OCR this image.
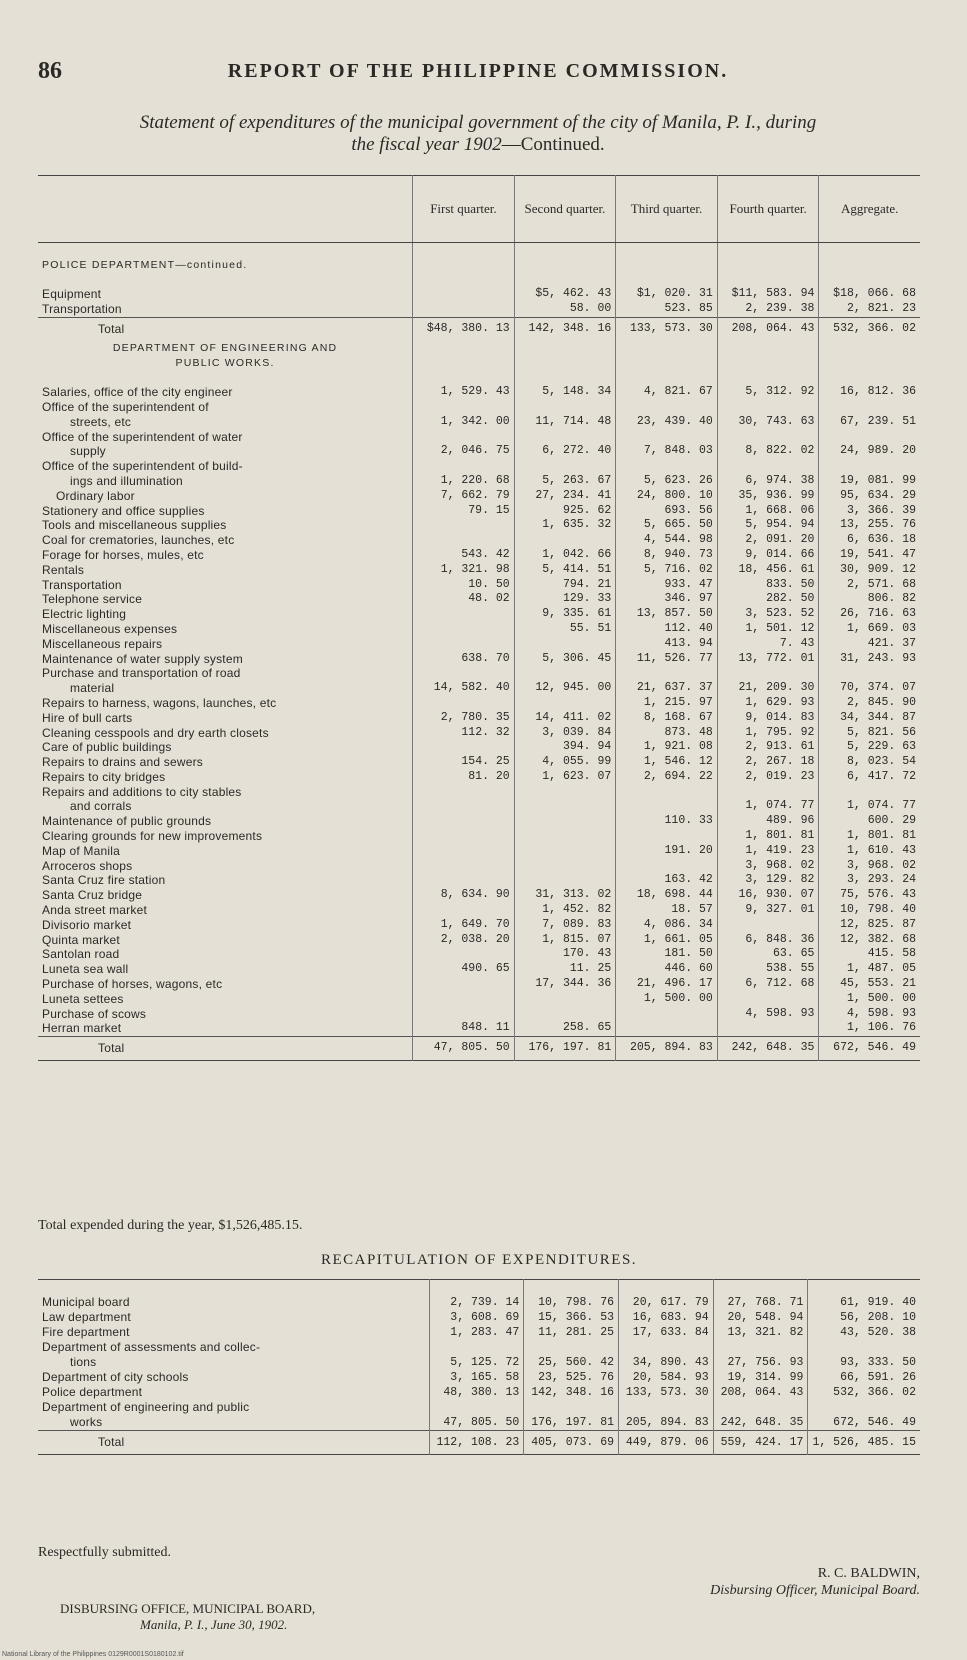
86	REPORT OF THE PHILIPPINE COMMISSION.
Statement of expenditures of the municipal government of the city of Manila, P. I., during
the fiscal year 1902—Continued.
	First quarter.	Second quarter.	Third quarter.	Fourth quarter.	Aggregate.

POLICE DEPARTMENT—continued.					

Equipment		$5, 462. 43	$1, 020. 31	$11, 583. 94	$18, 066. 68
Transportation		58. 00	523. 85	2, 239. 38	2, 821. 23
Total	$48, 380. 13	142, 348. 16	133, 573. 30	208, 064. 43	532, 366. 02
DEPARTMENT OF ENGINEERING AND					
PUBLIC WORKS.					

Salaries, office of the city engineer	1, 529. 43	5, 148. 34	4, 821. 67	5, 312. 92	16, 812. 36
Office of the superintendent of					
streets, etc	1, 342. 00	11, 714. 48	23, 439. 40	30, 743. 63	67, 239. 51
Office of the superintendent of water					
supply	2, 046. 75	6, 272. 40	7, 848. 03	8, 822. 02	24, 989. 20
Office of the superintendent of build-					
ings and illumination	1, 220. 68	5, 263. 67	5, 623. 26	6, 974. 38	19, 081. 99
Ordinary labor	7, 662. 79	27, 234. 41	24, 800. 10	35, 936. 99	95, 634. 29
Stationery and office supplies	79. 15	925. 62	693. 56	1, 668. 06	3, 366. 39
Tools and miscellaneous supplies		1, 635. 32	5, 665. 50	5, 954. 94	13, 255. 76
Coal for crematories, launches, etc			4, 544. 98	2, 091. 20	6, 636. 18
Forage for horses, mules, etc	543. 42	1, 042. 66	8, 940. 73	9, 014. 66	19, 541. 47
Rentals	1, 321. 98	5, 414. 51	5, 716. 02	18, 456. 61	30, 909. 12
Transportation	10. 50	794. 21	933. 47	833. 50	2, 571. 68
Telephone service	48. 02	129. 33	346. 97	282. 50	806. 82
Electric lighting		9, 335. 61	13, 857. 50	3, 523. 52	26, 716. 63
Miscellaneous expenses		55. 51	112. 40	1, 501. 12	1, 669. 03
Miscellaneous repairs			413. 94	7. 43	421. 37
Maintenance of water supply system	638. 70	5, 306. 45	11, 526. 77	13, 772. 01	31, 243. 93
Purchase and transportation of road					
material	14, 582. 40	12, 945. 00	21, 637. 37	21, 209. 30	70, 374. 07
Repairs to harness, wagons, launches, etc			1, 215. 97	1, 629. 93	2, 845. 90
Hire of bull carts	2, 780. 35	14, 411. 02	8, 168. 67	9, 014. 83	34, 344. 87
Cleaning cesspools and dry earth closets	112. 32	3, 039. 84	873. 48	1, 795. 92	5, 821. 56
Care of public buildings		394. 94	1, 921. 08	2, 913. 61	5, 229. 63
Repairs to drains and sewers	154. 25	4, 055. 99	1, 546. 12	2, 267. 18	8, 023. 54
Repairs to city bridges	81. 20	1, 623. 07	2, 694. 22	2, 019. 23	6, 417. 72
Repairs and additions to city stables					
and corrals				1, 074. 77	1, 074. 77
Maintenance of public grounds			110. 33	489. 96	600. 29
Clearing grounds for new improvements				1, 801. 81	1, 801. 81
Map of Manila			191. 20	1, 419. 23	1, 610. 43
Arroceros shops				3, 968. 02	3, 968. 02
Santa Cruz fire station			163. 42	3, 129. 82	3, 293. 24
Santa Cruz bridge	8, 634. 90	31, 313. 02	18, 698. 44	16, 930. 07	75, 576. 43
Anda street market		1, 452. 82	18. 57	9, 327. 01	10, 798. 40
Divisorio market	1, 649. 70	7, 089. 83	4, 086. 34		12, 825. 87
Quinta market	2, 038. 20	1, 815. 07	1, 661. 05	6, 848. 36	12, 382. 68
Santolan road		170. 43	181. 50	63. 65	415. 58
Luneta sea wall	490. 65	11. 25	446. 60	538. 55	1, 487. 05
Purchase of horses, wagons, etc		17, 344. 36	21, 496. 17	6, 712. 68	45, 553. 21
Luneta settees			1, 500. 00		1, 500. 00
Purchase of scows				4, 598. 93	4, 598. 93
Herran market	848. 11	258. 65			1, 106. 76
Total	47, 805. 50	176, 197. 81	205, 894. 83	242, 648. 35	672, 546. 49
Total expended during the year, $1,526,485.15.
RECAPITULATION OF EXPENDITURES.

Municipal board	2, 739. 14	10, 798. 76	20, 617. 79	27, 768. 71	61, 919. 40
Law department	3, 608. 69	15, 366. 53	16, 683. 94	20, 548. 94	56, 208. 10
Fire department	1, 283. 47	11, 281. 25	17, 633. 84	13, 321. 82	43, 520. 38
Department of assessments and collec-					
tions	5, 125. 72	25, 560. 42	34, 890. 43	27, 756. 93	93, 333. 50
Department of city schools	3, 165. 58	23, 525. 76	20, 584. 93	19, 314. 99	66, 591. 26
Police department	48, 380. 13	142, 348. 16	133, 573. 30	208, 064. 43	532, 366. 02
Department of engineering and public					
works	47, 805. 50	176, 197. 81	205, 894. 83	242, 648. 35	672, 546. 49
Total	112, 108. 23	405, 073. 69	449, 879. 06	559, 424. 17	1, 526, 485. 15
Respectfully submitted.
R. C. BALDWIN,
Disbursing Officer, Municipal Board.
DISBURSING OFFICE, MUNICIPAL BOARD,
Manila, P. I., June 30, 1902.
National Library of the Philippines 0129R0001S0180102.tif
